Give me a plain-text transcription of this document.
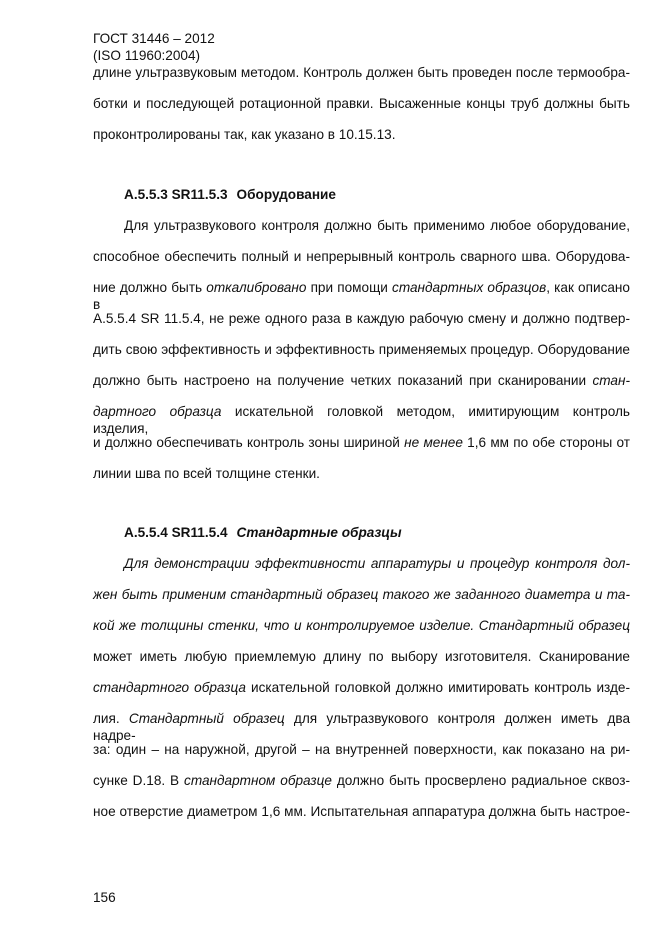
ГОСТ 31446 – 2012
(ISO 11960:2004)
длине ультразвуковым методом. Контроль должен быть проведен после термообра-
ботки и последующей ротационной правки. Высаженные концы труб должны быть
проконтролированы так, как указано в 10.15.13.
A.5.5.3 SR11.5.3 Оборудование
Для ультразвукового контроля должно быть применимо любое оборудование,
способное обеспечить полный и непрерывный контроль сварного шва. Оборудова-
ние должно быть откалибровано при помощи стандартных образцов, как описано в
A.5.5.4 SR 11.5.4, не реже одного раза в каждую рабочую смену и должно подтвер-
дить свою эффективность и эффективность применяемых процедур. Оборудование
должно быть настроено на получение четких показаний при сканировании стан-
дартного образца искательной головкой методом, имитирующим контроль изделия,
и должно обеспечивать контроль зоны шириной не менее 1,6 мм по обе стороны от
линии шва по всей толщине стенки.
A.5.5.4 SR11.5.4 Стандартные образцы
Для демонстрации эффективности аппаратуры и процедур контроля дол-
жен быть применим стандартный образец такого же заданного диаметра и та-
кой же толщины стенки, что и контролируемое изделие. Стандартный образец
может иметь любую приемлемую длину по выбору изготовителя. Сканирование
стандартного образца искательной головкой должно имитировать контроль изде-
лия. Стандартный образец для ультразвукового контроля должен иметь два надре-
за: один – на наружной, другой – на внутренней поверхности, как показано на ри-
сунке D.18. В стандартном образце должно быть просверлено радиальное сквоз-
ное отверстие диаметром 1,6 мм. Испытательная аппаратура должна быть настрое-
156
